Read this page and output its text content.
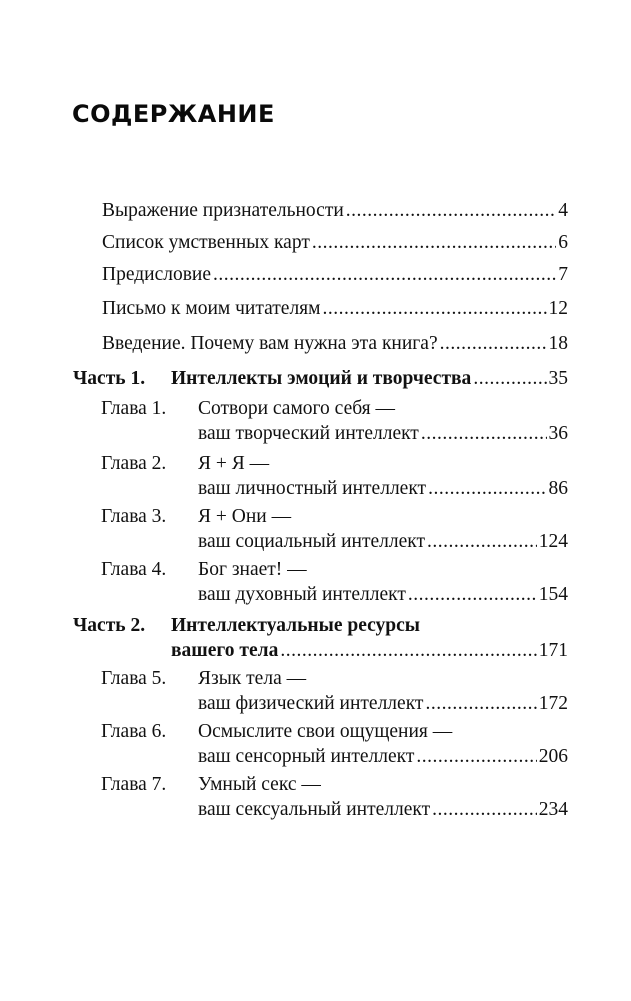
СОДЕРЖАНИЕ
Выражение признательности .....	4
Список умственных карт .....	6
Предисловие .....	7
Письмо к моим читателям .....	12
Введение. Почему вам нужна эта книга? .....	18
Часть 1. Интеллекты эмоций и творчества .....	35
Глава 1. Сотвори самого себя —
ваш творческий интеллект .....	36
Глава 2. Я + Я —
ваш личностный интеллект .....	86
Глава 3. Я + Они —
ваш социальный интеллект .....	124
Глава 4. Бог знает! —
ваш духовный интеллект .....	154
Часть 2. Интеллектуальные ресурсы
вашего тела .....	171
Глава 5. Язык тела —
ваш физический интеллект .....	172
Глава 6. Осмыслите свои ощущения —
ваш сенсорный интеллект .....	206
Глава 7. Умный секс —
ваш сексуальный интеллект .....	234
